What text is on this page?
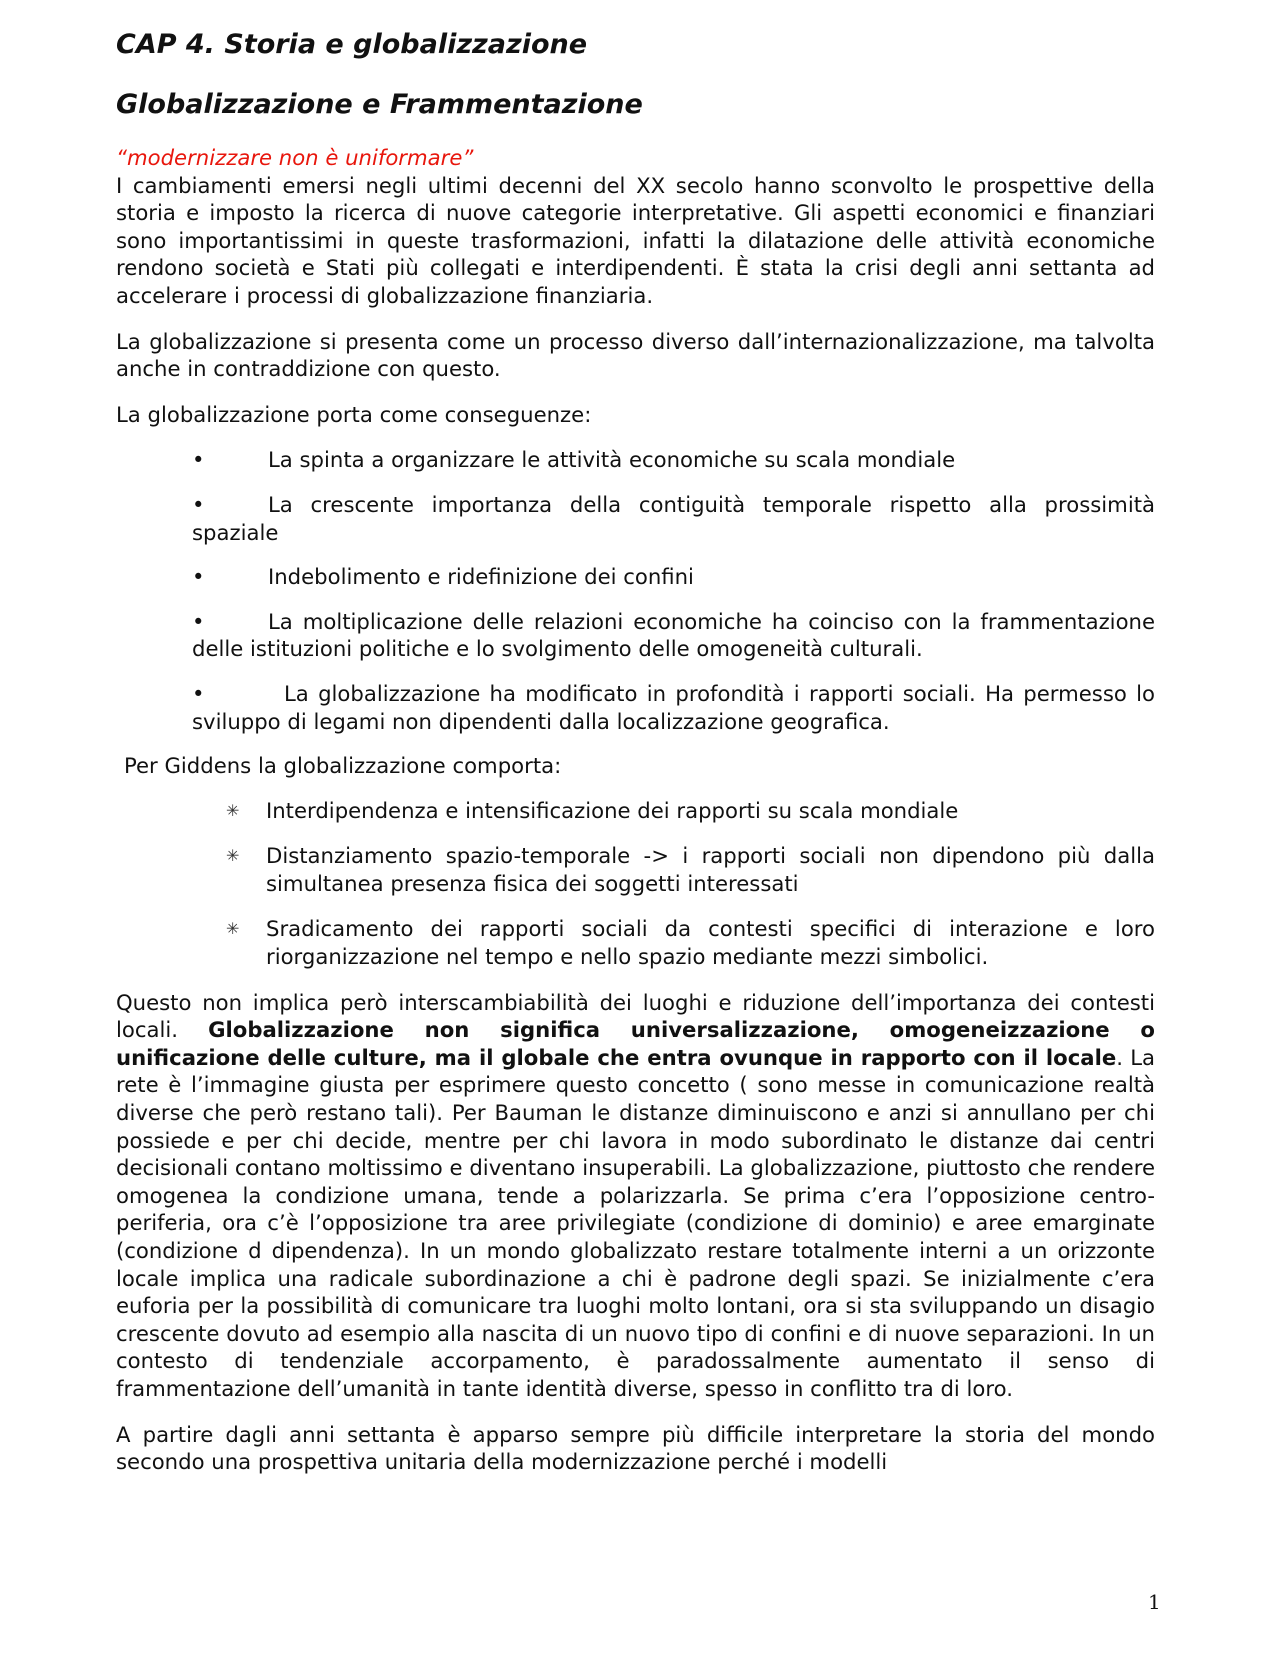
CAP 4. Storia e globalizzazione
Globalizzazione e Frammentazione
“modernizzare non è uniformare”

I cambiamenti emersi negli ultimi decenni del XX secolo hanno sconvolto le prospettive della storia e imposto la ricerca di nuove categorie interpretative. Gli aspetti economici e finanziari sono importantissimi in queste trasformazioni, infatti la dilatazione delle attività economiche rendono società e Stati più collegati e interdipendenti. È stata la crisi degli anni settanta ad accelerare i processi di globalizzazione finanziaria.

La globalizzazione si presenta come un processo diverso dall’internazionalizzazione, ma talvolta anche in contraddizione con questo.

La globalizzazione porta come conseguenze:

•	La spinta a organizzare le attività economiche su scala mondiale
•	La crescente importanza della contiguità temporale rispetto alla prossimità spaziale
•	Indebolimento e ridefinizione dei confini
•	La moltiplicazione delle relazioni economiche ha coinciso con la frammentazione delle istituzioni politiche e lo svolgimento delle omogeneità culturali.
•	La globalizzazione ha modificato in profondità i rapporti sociali. Ha permesso lo sviluppo di legami non dipendenti dalla localizzazione geografica.

Per Giddens la globalizzazione comporta:

✳ Interdipendenza e intensificazione dei rapporti su scala mondiale
✳ Distanziamento spazio-temporale -> i rapporti sociali non dipendono più dalla simultanea presenza fisica dei soggetti interessati
✳ Sradicamento dei rapporti sociali da contesti specifici di interazione e loro riorganizzazione nel tempo e nello spazio mediante mezzi simbolici.

Questo non implica però interscambiabilità dei luoghi e riduzione dell’importanza dei contesti locali. Globalizzazione non significa universalizzazione, omogeneizzazione o unificazione delle culture, ma il globale che entra ovunque in rapporto con il locale. La rete è l’immagine giusta per esprimere questo concetto ( sono messe in comunicazione realtà diverse che però restano tali). Per Bauman le distanze diminuiscono e anzi si annullano per chi possiede e per chi decide, mentre per chi lavora in modo subordinato le distanze dai centri decisionali contano moltissimo e diventano insuperabili. La globalizzazione, piuttosto che rendere omogenea la condizione umana, tende a polarizzarla. Se prima c’era l’opposizione centro-periferia, ora c’è l’opposizione tra aree privilegiate (condizione di dominio) e aree emarginate (condizione d dipendenza). In un mondo globalizzato restare totalmente interni a un orizzonte locale implica una radicale subordinazione a chi è padrone degli spazi. Se inizialmente c’era euforia per la possibilità di comunicare tra luoghi molto lontani, ora si sta sviluppando un disagio crescente dovuto ad esempio alla nascita di un nuovo tipo di confini e di nuove separazioni. In un contesto di tendenziale accorpamento, è paradossalmente aumentato il senso di frammentazione dell’umanità in tante identità diverse, spesso in conflitto tra di loro.

A partire dagli anni settanta è apparso sempre più difficile interpretare la storia del mondo secondo una prospettiva unitaria della modernizzazione perché i modelli

1
